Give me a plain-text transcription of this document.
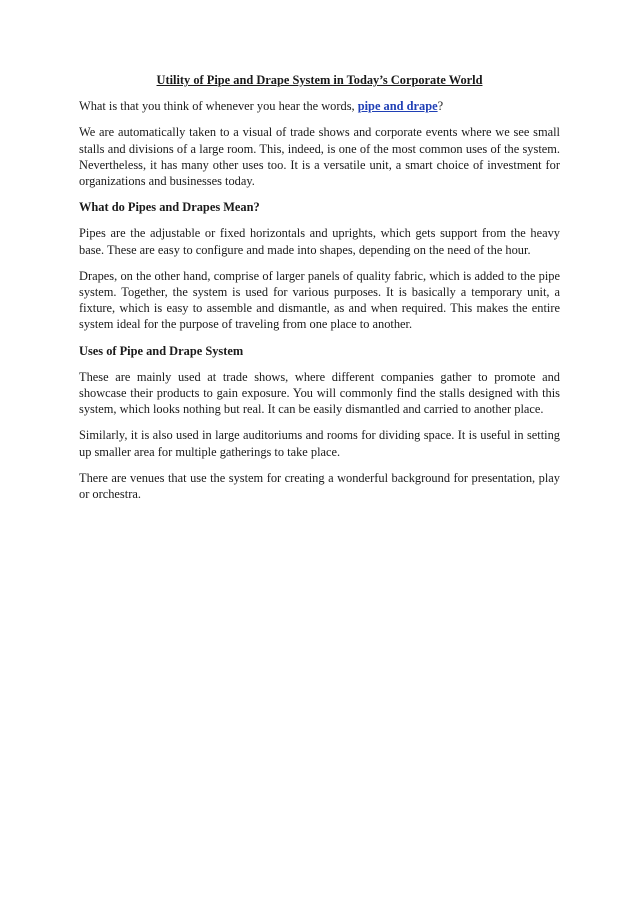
Utility of Pipe and Drape System in Today’s Corporate World

What is that you think of whenever you hear the words, pipe and drape?

We are automatically taken to a visual of trade shows and corporate events where we see small stalls and divisions of a large room. This, indeed, is one of the most common uses of the system. Nevertheless, it has many other uses too. It is a versatile unit, a smart choice of investment for organizations and businesses today.

What do Pipes and Drapes Mean?

Pipes are the adjustable or fixed horizontals and uprights, which gets support from the heavy base. These are easy to configure and made into shapes, depending on the need of the hour.

Drapes, on the other hand, comprise of larger panels of quality fabric, which is added to the pipe system. Together, the system is used for various purposes. It is basically a temporary unit, a fixture, which is easy to assemble and dismantle, as and when required. This makes the entire system ideal for the purpose of traveling from one place to another.

Uses of Pipe and Drape System

These are mainly used at trade shows, where different companies gather to promote and showcase their products to gain exposure. You will commonly find the stalls designed with this system, which looks nothing but real. It can be easily dismantled and carried to another place.

Similarly, it is also used in large auditoriums and rooms for dividing space. It is useful in setting up smaller area for multiple gatherings to take place.

There are venues that use the system for creating a wonderful background for presentation, play or orchestra.
